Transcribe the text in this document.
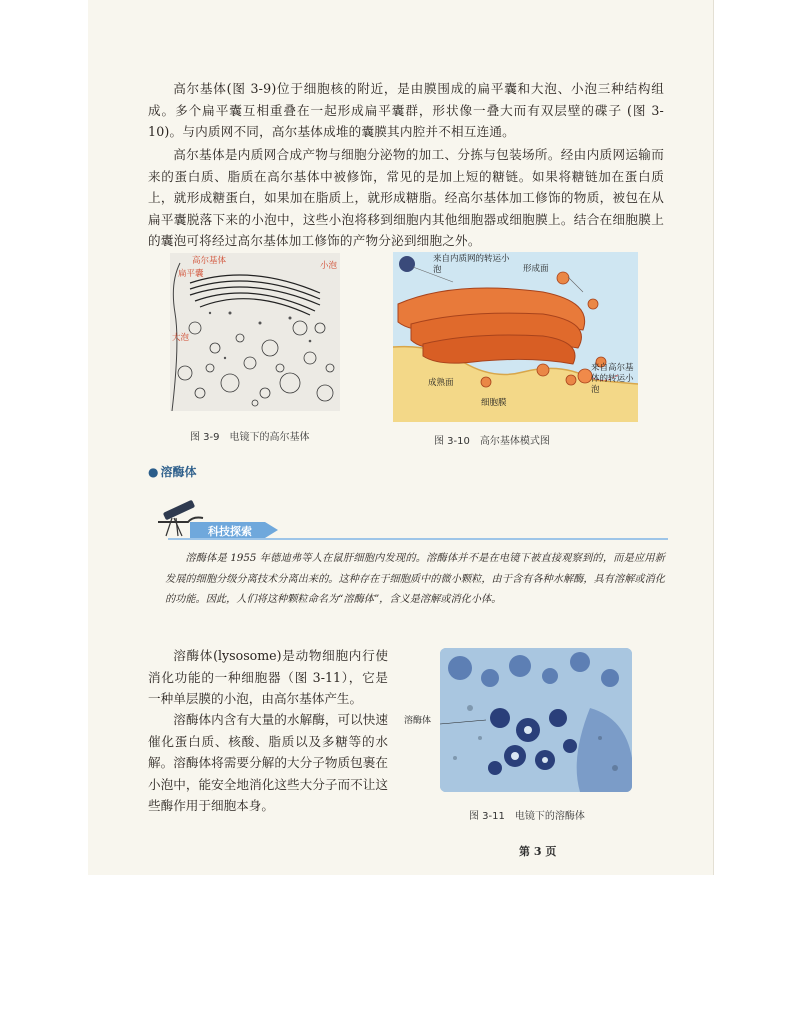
高尔基体(图 3-9)位于细胞核的附近，是由膜围成的扁平囊和大泡、小泡三种结构组成。多个扁平囊互相重叠在一起形成扁平囊群，形状像一叠大而有双层壁的碟子 (图 3-10)。与内质网不同，高尔基体成堆的囊膜其内腔并不相互连通。

高尔基体是内质网合成产物与细胞分泌物的加工、分拣与包装场所。经由内质网运输而来的蛋白质、脂质在高尔基体中被修饰，常见的是加上短的糖链。如果将糖链加在蛋白质上，就形成糖蛋白，如果加在脂质上，就形成糖脂。经高尔基体加工修饰的物质，被包在从扁平囊脱落下来的小泡中，这些小泡将移到细胞内其他细胞器或细胞膜上。结合在细胞膜上的囊泡可将经过高尔基体加工修饰的产物分泌到细胞之外。

高尔基体
扁平囊
小泡
大泡
图 3-9　电镜下的高尔基体
来自内质网的转运小泡	形成面
成熟面
细胞膜
来自高尔基体的转运小泡
图 3-10　高尔基体模式图
● 溶酶体
科技探索

溶酶体是 1955 年德迪弗等人在鼠肝细胞内发现的。溶酶体并不是在电镜下被直接观察到的，而是应用新发展的细胞分级分离技术分离出来的。这种存在于细胞质中的微小颗粒，由于含有各种水解酶，具有溶解或消化的功能。因此，人们将这种颗粒命名为“溶酶体”，含义是溶解或消化小体。

溶酶体(lysosome)是动物细胞内行使消化功能的一种细胞器（图 3-11），它是一种单层膜的小泡，由高尔基体产生。

溶酶体内含有大量的水解酶，可以快速催化蛋白质、核酸、脂质以及多糖等的水解。溶酶体将需要分解的大分子物质包裹在小泡中，能安全地消化这些大分子而不让这些酶作用于细胞本身。

溶酶体
图 3-11　电镜下的溶酶体
第 3 页
